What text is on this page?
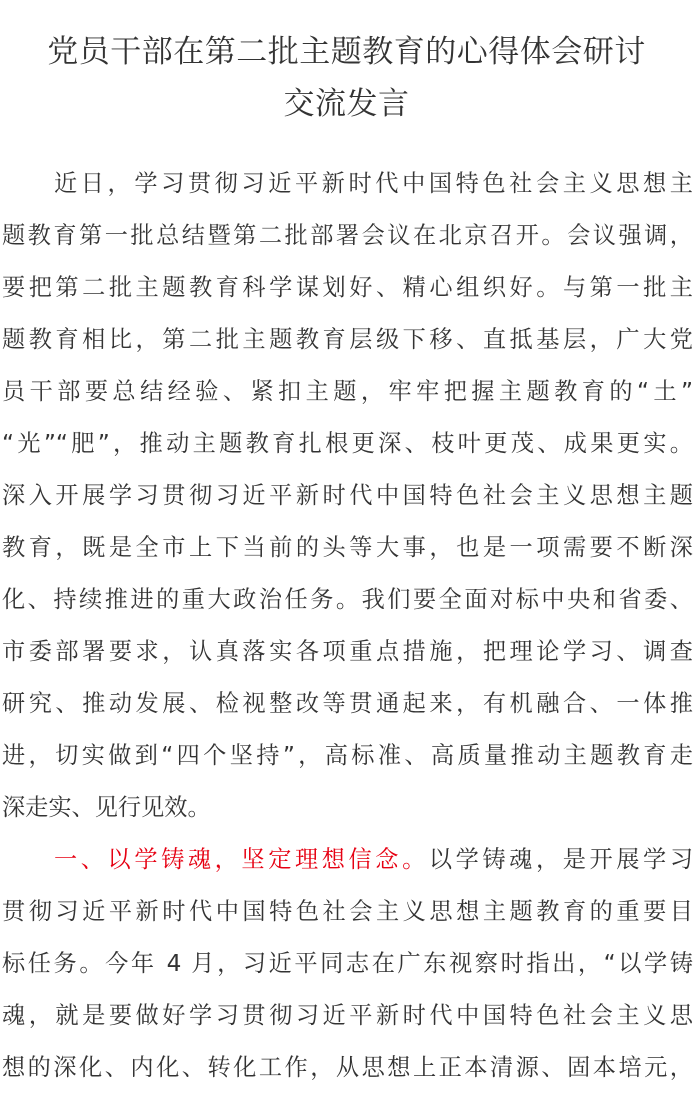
党员干部在第二批主题教育的心得体会研讨
交流发言
近日，学习贯彻习近平新时代中国特色社会主义思想主
题教育第一批总结暨第二批部署会议在北京召开。会议强调，
要把第二批主题教育科学谋划好、精心组织好。与第一批主
题教育相比，第二批主题教育层级下移、直抵基层，广大党
员干部要总结经验、紧扣主题，牢牢把握主题教育的“土”
“光”“肥”，推动主题教育扎根更深、枝叶更茂、成果更实。
深入开展学习贯彻习近平新时代中国特色社会主义思想主题
教育，既是全市上下当前的头等大事，也是一项需要不断深
化、持续推进的重大政治任务。我们要全面对标中央和省委、
市委部署要求，认真落实各项重点措施，把理论学习、调查
研究、推动发展、检视整改等贯通起来，有机融合、一体推
进，切实做到“四个坚持”，高标准、高质量推动主题教育走
深走实、见行见效。
一、以学铸魂，坚定理想信念。以学铸魂，是开展学习
贯彻习近平新时代中国特色社会主义思想主题教育的重要目
标任务。今年 4 月，习近平同志在广东视察时指出，“以学铸
魂，就是要做好学习贯彻习近平新时代中国特色社会主义思
想的深化、内化、转化工作，从思想上正本清源、固本培元，
